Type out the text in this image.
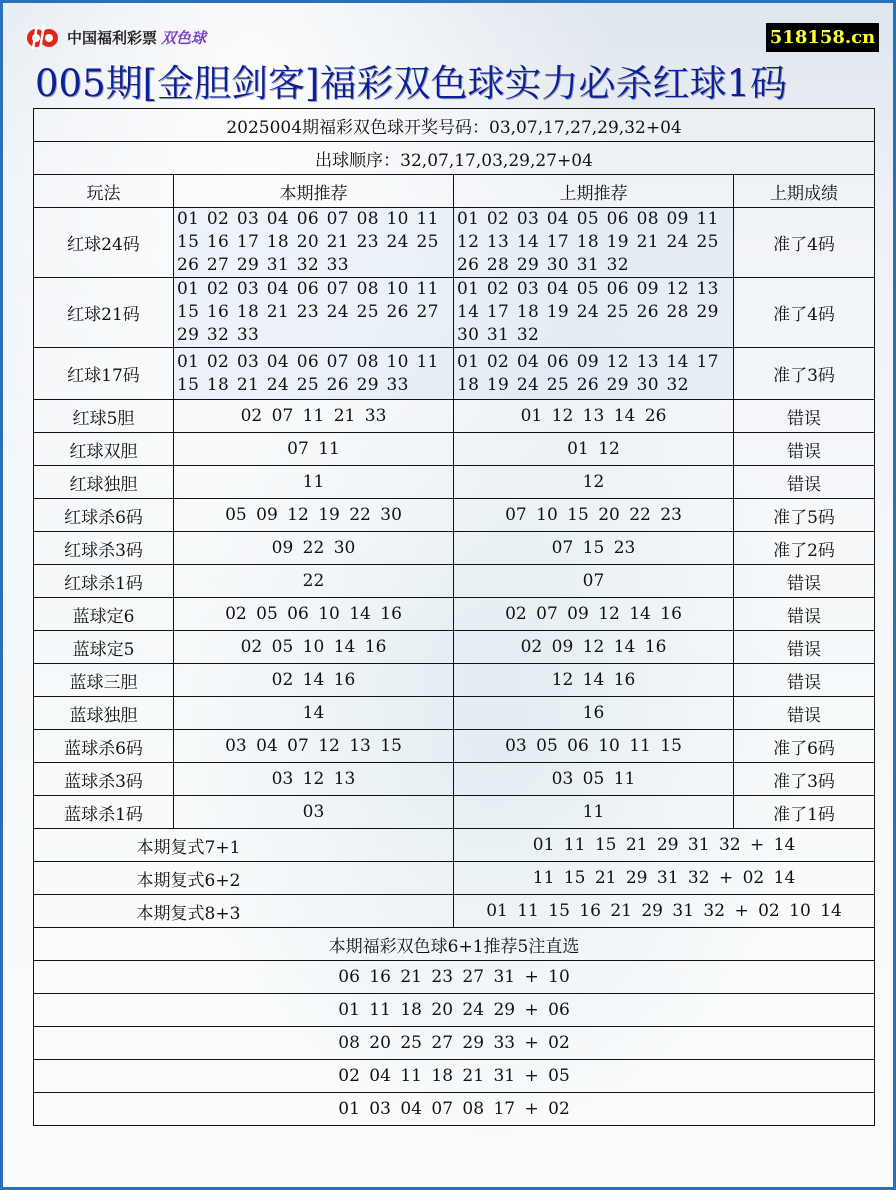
中国福利彩票 双色球	518158.cn
005期[金胆剑客]福彩双色球实力必杀红球1码
2025004期福彩双色球开奖号码：03,07,17,27,29,32+04			
出球顺序：32,07,17,03,29,27+04			
玩法	本期推荐	上期推荐	上期成绩
红球24码	01 02 03 04 06 07 08 10 11 15 16 17 18 20 21 23 24 25 26 27 29 31 32 33	01 02 03 04 05 06 08 09 11 12 13 14 17 18 19 21 24 25 26 28 29 30 31 32	准了4码
红球21码	01 02 03 04 06 07 08 10 11 15 16 18 21 23 24 25 26 27 29 32 33	01 02 03 04 05 06 09 12 13 14 17 18 19 24 25 26 28 29 30 31 32	准了4码
红球17码	01 02 03 04 06 07 08 10 11 15 18 21 24 25 26 29 33	01 02 04 06 09 12 13 14 17 18 19 24 25 26 29 30 32	准了3码
红球5胆	02 07 11 21 33	01 12 13 14 26	错误
红球双胆	07 11	01 12	错误
红球独胆	11	12	错误
红球杀6码	05 09 12 19 22 30	07 10 15 20 22 23	准了5码
红球杀3码	09 22 30	07 15 23	准了2码
红球杀1码	22	07	错误
蓝球定6	02 05 06 10 14 16	02 07 09 12 14 16	错误
蓝球定5	02 05 10 14 16	02 09 12 14 16	错误
蓝球三胆	02 14 16	12 14 16	错误
蓝球独胆	14	16	错误
蓝球杀6码	03 04 07 12 13 15	03 05 06 10 11 15	准了6码
蓝球杀3码	03 12 13	03 05 11	准了3码
蓝球杀1码	03	11	准了1码
本期复式7+1		01 11 15 21 29 31 32 + 14	
本期复式6+2		11 15 21 29 31 32 + 02 14	
本期复式8+3		01 11 15 16 21 29 31 32 + 02 10 14	
本期福彩双色球6+1推荐5注直选			
06 16 21 23 27 31 + 10			
01 11 18 20 24 29 + 06			
08 20 25 27 29 33 + 02			
02 04 11 18 21 31 + 05			
01 03 04 07 08 17 + 02			
